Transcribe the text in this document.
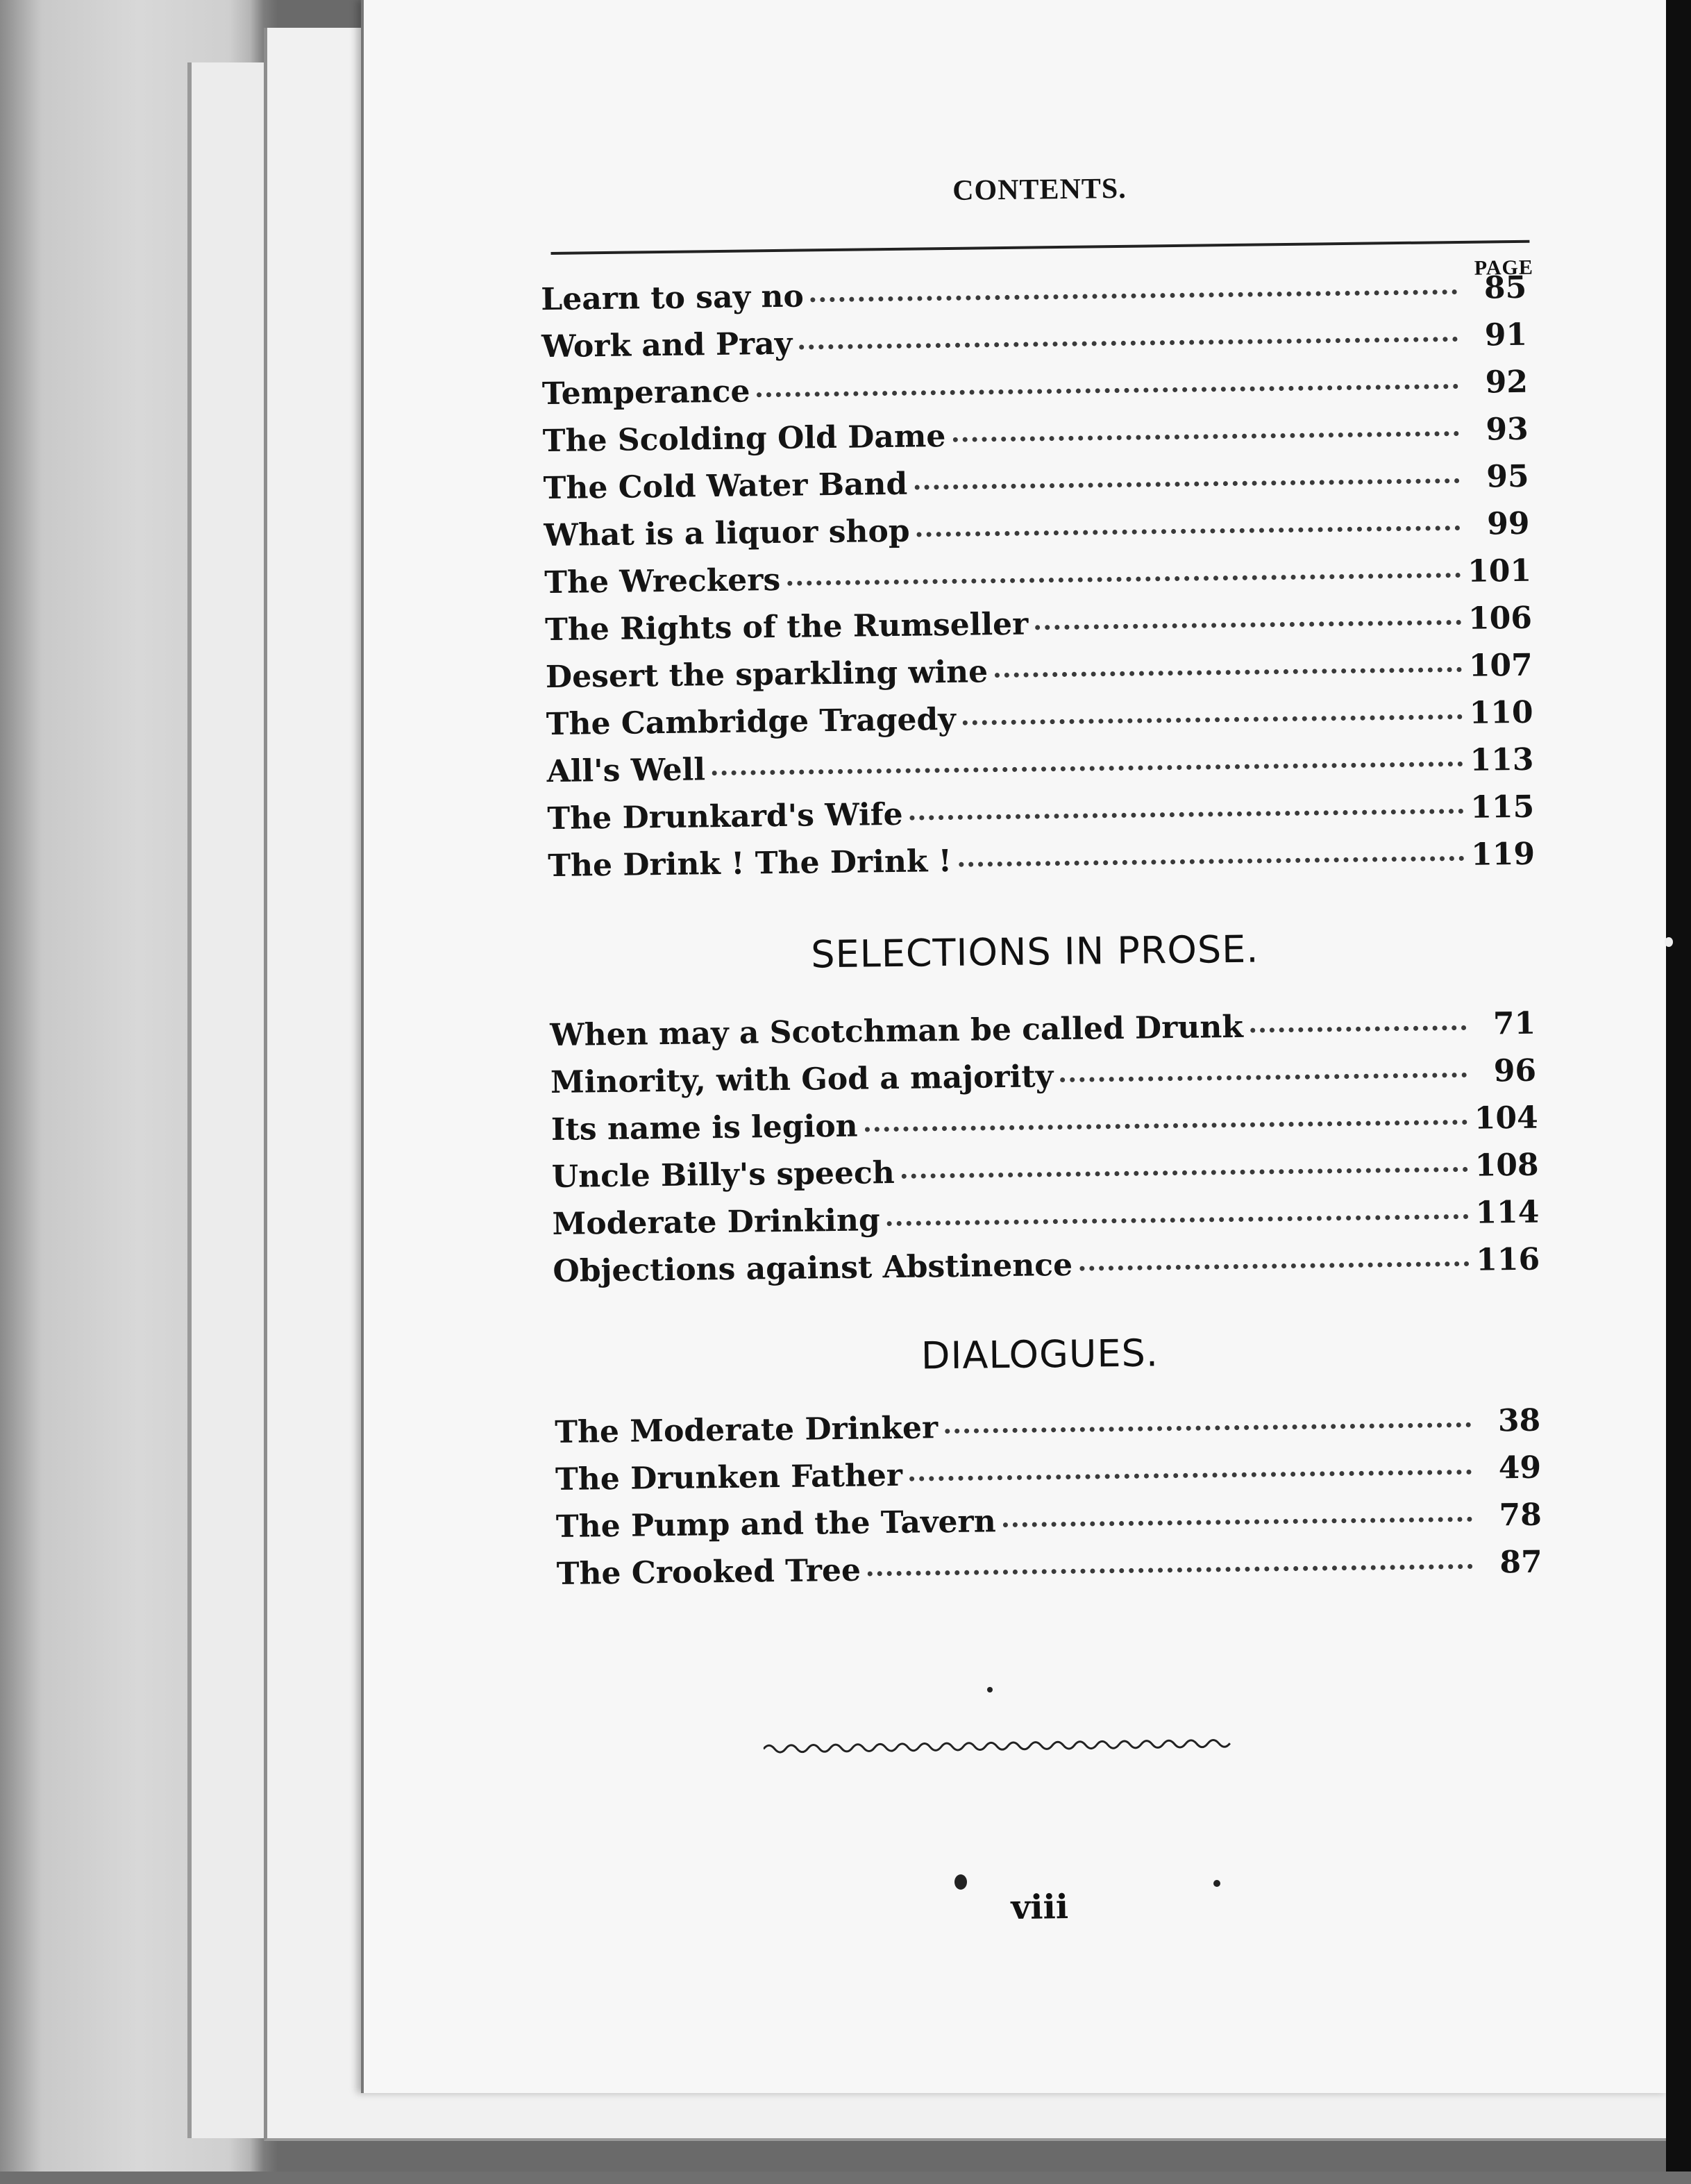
CONTENTS.
PAGE
Learn to say no	85
Work and Pray	91
Temperance	92
The Scolding Old Dame	93
The Cold Water Band	95
What is a liquor shop	99
The Wreckers	101
The Rights of the Rumseller	106
Desert the sparkling wine	107
The Cambridge Tragedy	110
All's Well	113
The Drunkard's Wife	115
The Drink ! The Drink !	119
SELECTIONS IN PROSE.
When may a Scotchman be called Drunk	71
Minority, with God a majority	96
Its name is legion	104
Uncle Billy's speech	108
Moderate Drinking	114
Objections against Abstinence	116
DIALOGUES.
The Moderate Drinker	38
The Drunken Father	49
The Pump and the Tavern	78
The Crooked Tree	87
viii
